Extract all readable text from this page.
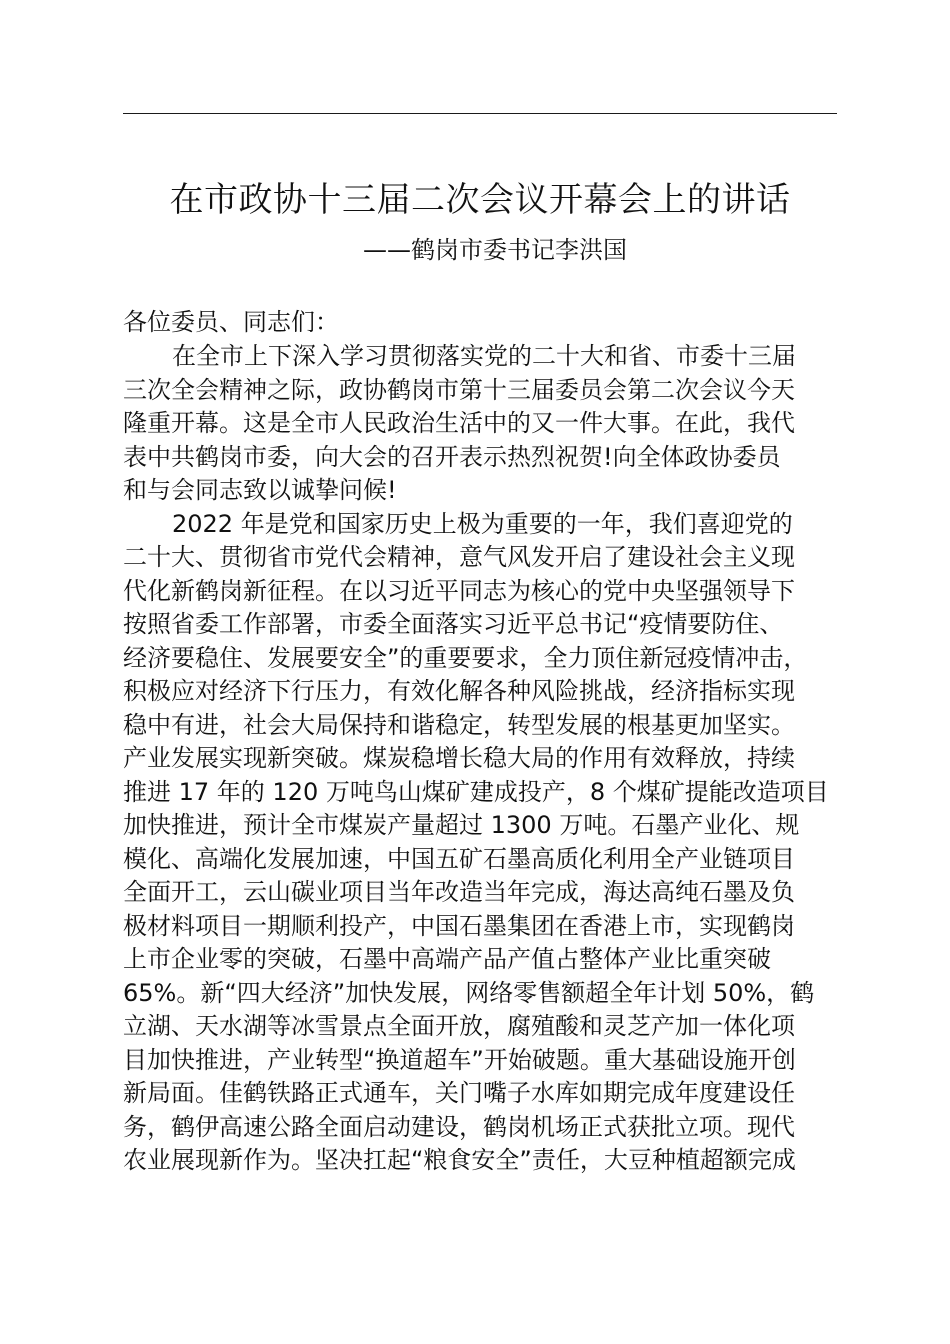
在市政协十三届二次会议开幕会上的讲话
——鹤岗市委书记李洪国
各位委员、同志们：
在全市上下深入学习贯彻落实党的二十大和省、市委十三届
三次全会精神之际，政协鹤岗市第十三届委员会第二次会议今天
隆重开幕。这是全市人民政治生活中的又一件大事。在此，我代
表中共鹤岗市委，向大会的召开表示热烈祝贺!向全体政协委员
和与会同志致以诚挚问候!
2022 年是党和国家历史上极为重要的一年，我们喜迎党的
二十大、贯彻省市党代会精神，意气风发开启了建设社会主义现
代化新鹤岗新征程。在以习近平同志为核心的党中央坚强领导下
按照省委工作部署，市委全面落实习近平总书记“疫情要防住、
经济要稳住、发展要安全”的重要要求，全力顶住新冠疫情冲击，
积极应对经济下行压力，有效化解各种风险挑战，经济指标实现
稳中有进，社会大局保持和谐稳定，转型发展的根基更加坚实。
产业发展实现新突破。煤炭稳增长稳大局的作用有效释放，持续
推进 17 年的 120 万吨鸟山煤矿建成投产，8 个煤矿提能改造项目
加快推进，预计全市煤炭产量超过 1300 万吨。石墨产业化、规
模化、高端化发展加速，中国五矿石墨高质化利用全产业链项目
全面开工，云山碳业项目当年改造当年完成，海达高纯石墨及负
极材料项目一期顺利投产，中国石墨集团在香港上市，实现鹤岗
上市企业零的突破，石墨中高端产品产值占整体产业比重突破
65%。新“四大经济”加快发展，网络零售额超全年计划 50%，鹤
立湖、天水湖等冰雪景点全面开放，腐殖酸和灵芝产加一体化项
目加快推进，产业转型“换道超车”开始破题。重大基础设施开创
新局面。佳鹤铁路正式通车，关门嘴子水库如期完成年度建设任
务，鹤伊高速公路全面启动建设，鹤岗机场正式获批立项。现代
农业展现新作为。坚决扛起“粮食安全”责任，大豆种植超额完成
